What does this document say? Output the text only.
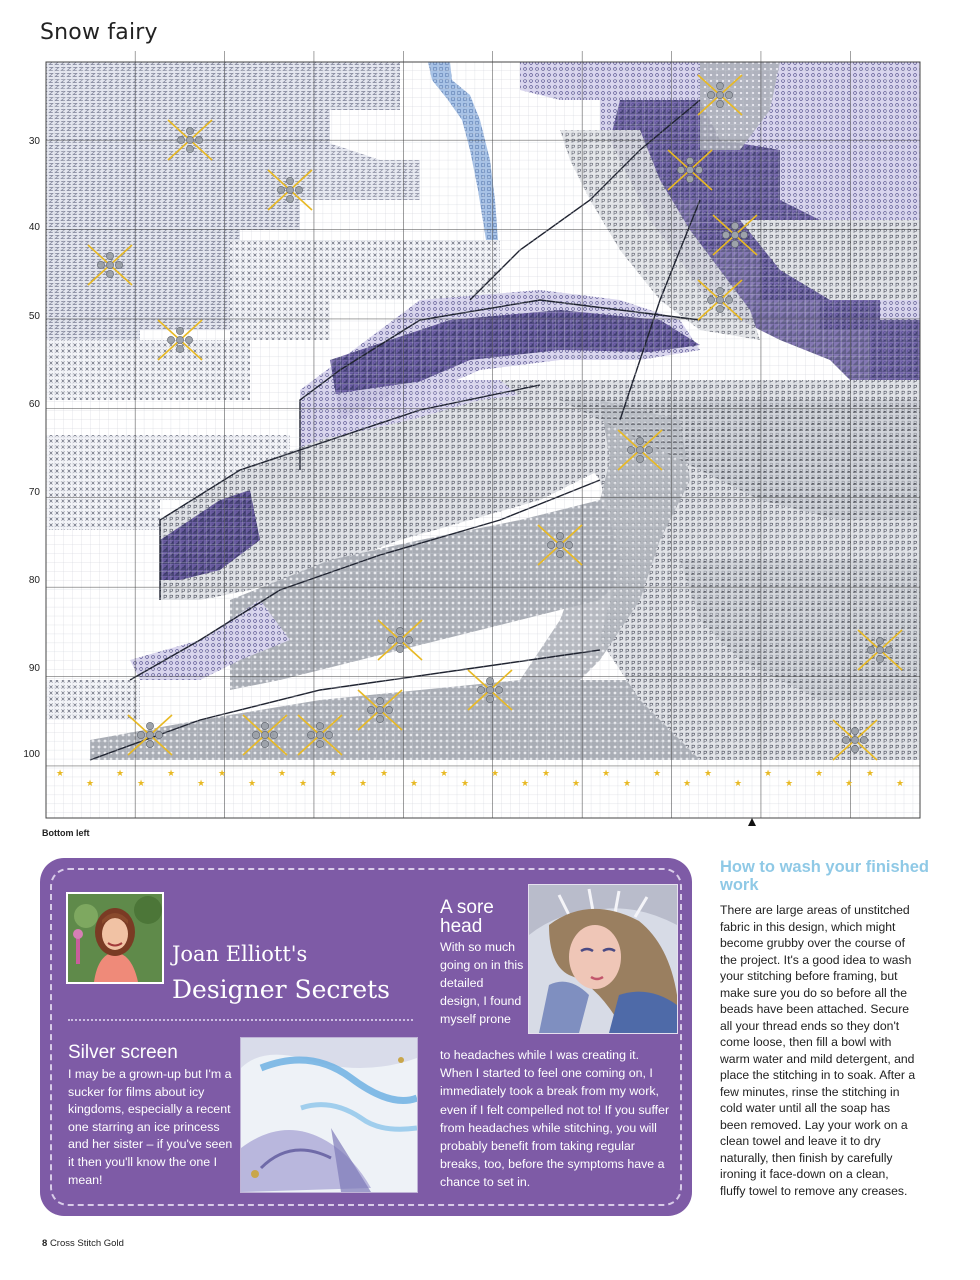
Snow fairy
★
★
★
★
★
★
★
★
★
★
★
★
★
★
★
★
★
★
★
★
★
★
★
★
★
★
★
★
★
★
★
★
30
40
50
60
70
80
90
100
Bottom left
Joan Elliott's
Designer Secrets
Silver screen
I may be a grown-up but I'm a sucker for films about icy kingdoms, especially a recent one starring an ice princess and her sister – if you've seen it then you'll know the one I mean!
A sore
head
With so much going on in this detailed design, I found myself prone
to headaches while I was creating it. When I started to feel one coming on, I immediately took a break from my work, even if I felt compelled not to! If you suffer from headaches while stitching, you will probably benefit from taking regular breaks, too, before the symptoms have a chance to set in.
How to wash your finished work
There are large areas of unstitched fabric in this design, which might become grubby over the course of the project. It's a good idea to wash your stitching before framing, but make sure you do so before all the beads have been attached. Secure all your thread ends so they don't come loose, then fill a bowl with warm water and mild detergent, and place the stitching in to soak. After a few minutes, rinse the stitching in cold water until all the soap has been removed. Lay your work on a clean towel and leave it to dry naturally, then finish by carefully ironing it face-down on a clean, fluffy towel to remove any creases.
8 Cross Stitch Gold
